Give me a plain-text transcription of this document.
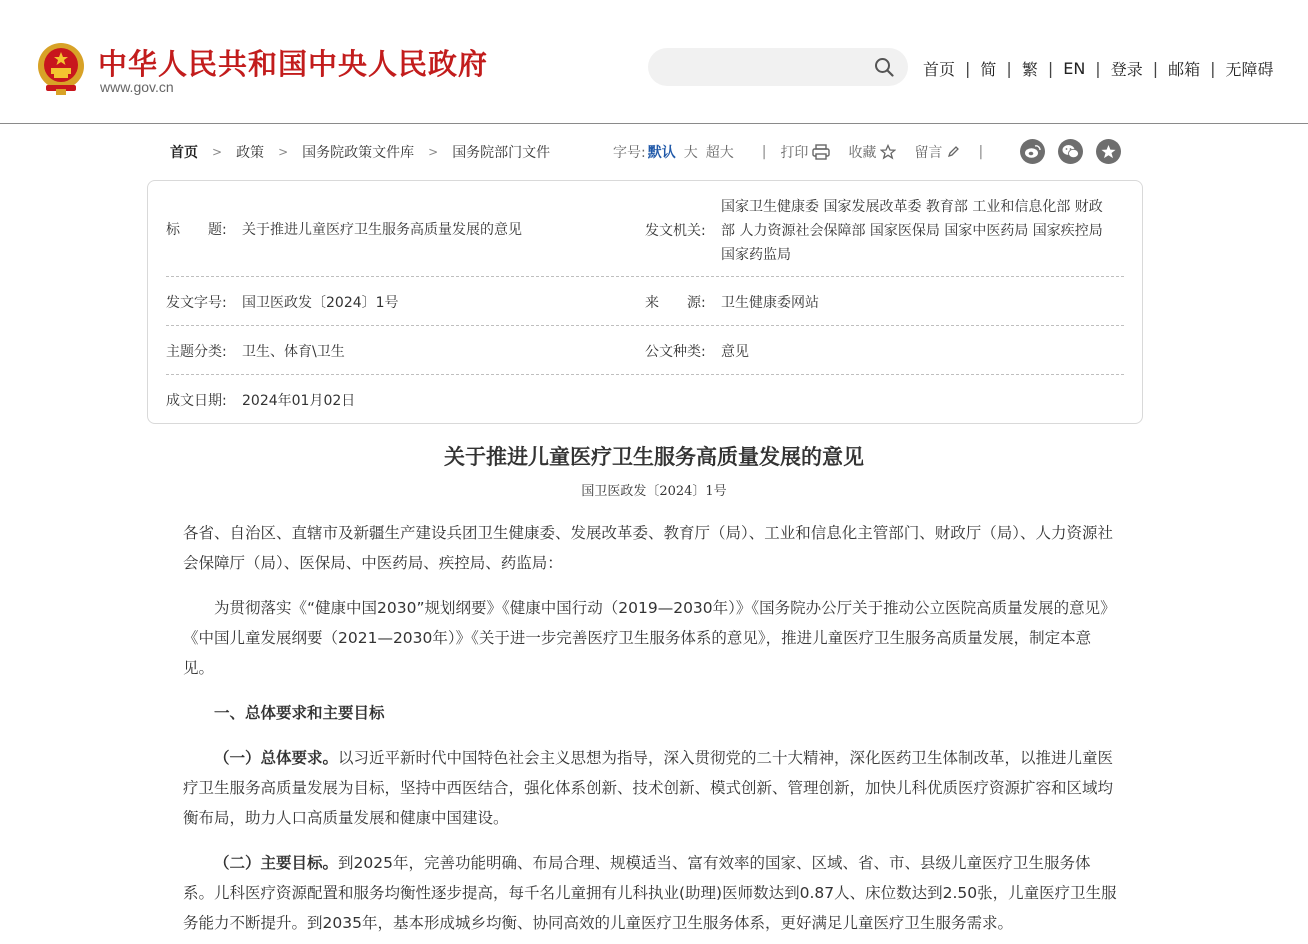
中华人民共和国中央人民政府
www.gov.cn
首页 | 简 | 繁 | EN | 登录 | 邮箱 | 无障碍
首页 > 政策 > 国务院政策文件库 > 国务院部门文件	字号: 默认 大 超大 | 打印	收藏	留言	|
标　　题:	关于推进儿童医疗卫生服务高质量发展的意见	发文机关:
国家卫生健康委 国家发展改革委 教育部 工业和信息化部 财政部 人力资源社会保障部 国家医保局 国家中医药局 国家疾控局 国家药监局
发文字号:	国卫医政发〔2024〕1号	来　　源:	卫生健康委网站
主题分类:	卫生、体育\卫生	公文种类:	意见
成文日期:	2024年01月02日
关于推进儿童医疗卫生服务高质量发展的意见
国卫医政发〔2024〕1号

各省、自治区、直辖市及新疆生产建设兵团卫生健康委、发展改革委、教育厅（局）、工业和信息化主管部门、财政厅（局）、人力资源社会保障厅（局）、医保局、中医药局、疾控局、药监局：

为贯彻落实《“健康中国2030”规划纲要》《健康中国行动（2019—2030年）》《国务院办公厅关于推动公立医院高质量发展的意见》《中国儿童发展纲要（2021—2030年）》《关于进一步完善医疗卫生服务体系的意见》，推进儿童医疗卫生服务高质量发展，制定本意见。

一、总体要求和主要目标

（一）总体要求。以习近平新时代中国特色社会主义思想为指导，深入贯彻党的二十大精神，深化医药卫生体制改革，以推进儿童医疗卫生服务高质量发展为目标，坚持中西医结合，强化体系创新、技术创新、模式创新、管理创新，加快儿科优质医疗资源扩容和区域均衡布局，助力人口高质量发展和健康中国建设。

（二）主要目标。到2025年，完善功能明确、布局合理、规模适当、富有效率的国家、区域、省、市、县级儿童医疗卫生服务体系。儿科医疗资源配置和服务均衡性逐步提高，每千名儿童拥有儿科执业(助理)医师数达到0.87人、床位数达到2.50张，儿童医疗卫生服务能力不断提升。到2035年，基本形成城乡均衡、协同高效的儿童医疗卫生服务体系，更好满足儿童医疗卫生服务需求。
